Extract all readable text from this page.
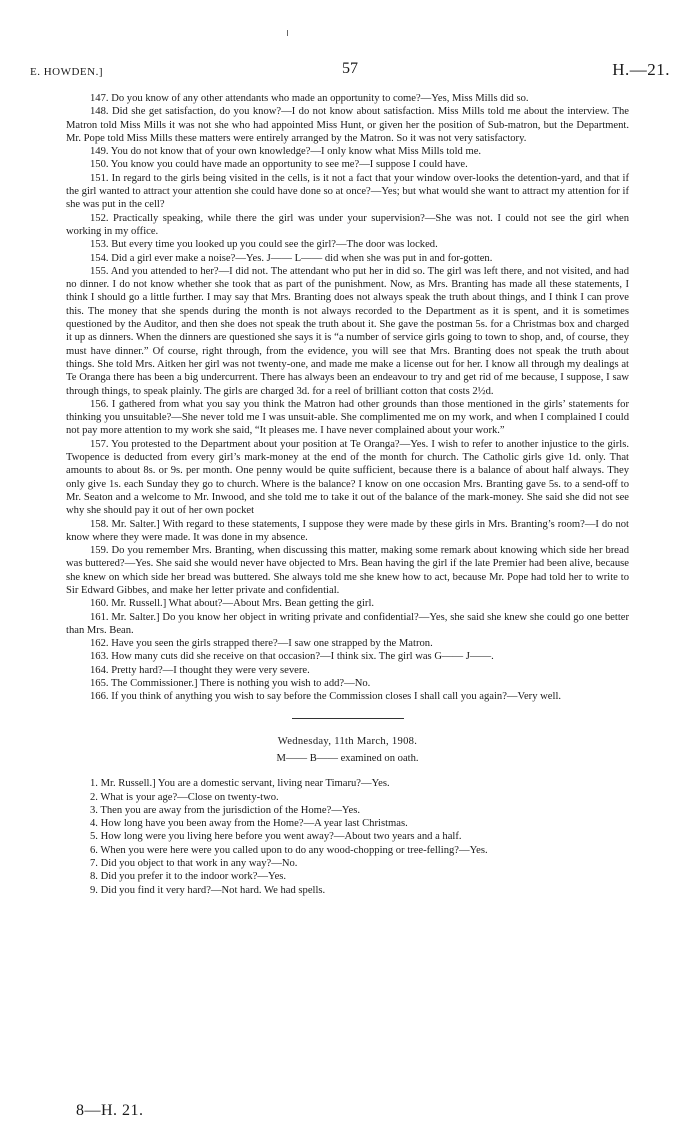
E. HOWDEN.]	57	H.—21.

147. Do you know of any other attendants who made an opportunity to come?—Yes, Miss Mills did so.

148. Did she get satisfaction, do you know?—I do not know about satisfaction. Miss Mills told me about the interview. The Matron told Miss Mills it was not she who had appointed Miss Hunt, or given her the position of Sub-matron, but the Department. Mr. Pope told Miss Mills these matters were entirely arranged by the Matron. So it was not very satisfactory.

149. You do not know that of your own knowledge?—I only know what Miss Mills told me.

150. You know you could have made an opportunity to see me?—I suppose I could have.

151. In regard to the girls being visited in the cells, is it not a fact that your window over-looks the detention-yard, and that if the girl wanted to attract your attention she could have done so at once?—Yes; but what would she want to attract my attention for if she was put in the cell?

152. Practically speaking, while there the girl was under your supervision?—She was not. I could not see the girl when working in my office.

153. But every time you looked up you could see the girl?—The door was locked.

154. Did a girl ever make a noise?—Yes. J—— L—— did when she was put in and for-gotten.

155. And you attended to her?—I did not. The attendant who put her in did so. The girl was left there, and not visited, and had no dinner. I do not know whether she took that as part of the punishment. Now, as Mrs. Branting has made all these statements, I think I should go a little further. I may say that Mrs. Branting does not always speak the truth about things, and I think I can prove this. The money that she spends during the month is not always recorded to the Department as it is spent, and it is sometimes questioned by the Auditor, and then she does not speak the truth about it. She gave the postman 5s. for a Christmas box and charged it up as dinners. When the dinners are questioned she says it is “a number of service girls going to town to shop, and, of course, they must have dinner.” Of course, right through, from the evidence, you will see that Mrs. Branting does not speak the truth about things. She told Mrs. Aitken her girl was not twenty-one, and made me make a license out for her. I know all through my dealings at Te Oranga there has been a big undercurrent. There has always been an endeavour to try and get rid of me because, I suppose, I saw through things, to speak plainly. The girls are charged 3d. for a reel of brilliant cotton that costs 2½d.

156. I gathered from what you say you think the Matron had other grounds than those mentioned in the girls’ statements for thinking you unsuitable?—She never told me I was unsuit-able. She complimented me on my work, and when I complained I could not pay more attention to my work she said, “It pleases me. I have never complained about your work.”

157. You protested to the Department about your position at Te Oranga?—Yes. I wish to refer to another injustice to the girls. Twopence is deducted from every girl’s mark-money at the end of the month for church. The Catholic girls give 1d. only. That amounts to about 8s. or 9s. per month. One penny would be quite sufficient, because there is a balance of about half always. They only give 1s. each Sunday they go to church. Where is the balance? I know on one occasion Mrs. Branting gave 5s. to a send-off to Mr. Seaton and a welcome to Mr. Inwood, and she told me to take it out of the balance of the mark-money. She said she did not see why she should pay it out of her own pocket

158. Mr. Salter.] With regard to these statements, I suppose they were made by these girls in Mrs. Branting’s room?—I do not know where they were made. It was done in my absence.

159. Do you remember Mrs. Branting, when discussing this matter, making some remark about knowing which side her bread was buttered?—Yes. She said she would never have objected to Mrs. Bean having the girl if the late Premier had been alive, because she knew on which side her bread was buttered. She always told me she knew how to act, because Mr. Pope had told her to write to Sir Edward Gibbes, and make her letter private and confidential.

160. Mr. Russell.] What about?—About Mrs. Bean getting the girl.

161. Mr. Salter.] Do you know her object in writing private and confidential?—Yes, she said she knew she could go one better than Mrs. Bean.

162. Have you seen the girls strapped there?—I saw one strapped by the Matron.

163. How many cuts did she receive on that occasion?—I think six. The girl was G—— J——.

164. Pretty hard?—I thought they were very severe.

165. The Commissioner.] There is nothing you wish to add?—No.

166. If you think of anything you wish to say before the Commission closes I shall call you again?—Very well.

Wednesday, 11th March, 1908.

M—— B—— examined on oath.

1. Mr. Russell.] You are a domestic servant, living near Timaru?—Yes.

2. What is your age?—Close on twenty-two.

3. Then you are away from the jurisdiction of the Home?—Yes.

4. How long have you been away from the Home?—A year last Christmas.

5. How long were you living here before you went away?—About two years and a half.

6. When you were here were you called upon to do any wood-chopping or tree-felling?—Yes.

7. Did you object to that work in any way?—No.

8. Did you prefer it to the indoor work?—Yes.

9. Did you find it very hard?—Not hard. We had spells.

8—H. 21.
